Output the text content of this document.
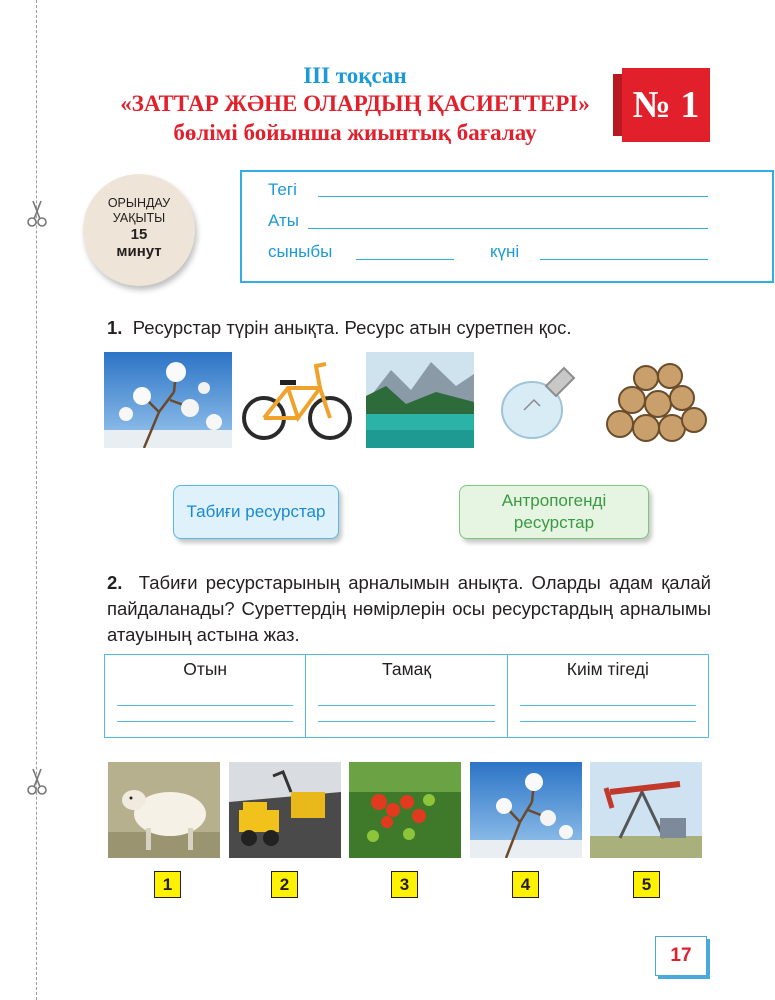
III тоқсан
«ЗАТТАР ЖӘНЕ ОЛАРДЫҢ ҚАСИЕТТЕРІ»
бөлімі бойынша жиынтық бағалау
№ 1
ОРЫНДАУ
УАҚЫТЫ
15
минут
Тегі
Аты
сыныбы	күні
1. Ресурстар түрін анықта. Ресурс атын суретпен қос.
Табиғи ресурстар
Антропогенді ресурстар
2. Табиғи ресурстарының арналымын анықта. Оларды адам қалай пайдаланады? Суреттердің нөмірлерін осы ресурстардың арналымы атауының астына жаз.
Отын	Тамақ	Киім тігеді
1	2	3	4	5
17
